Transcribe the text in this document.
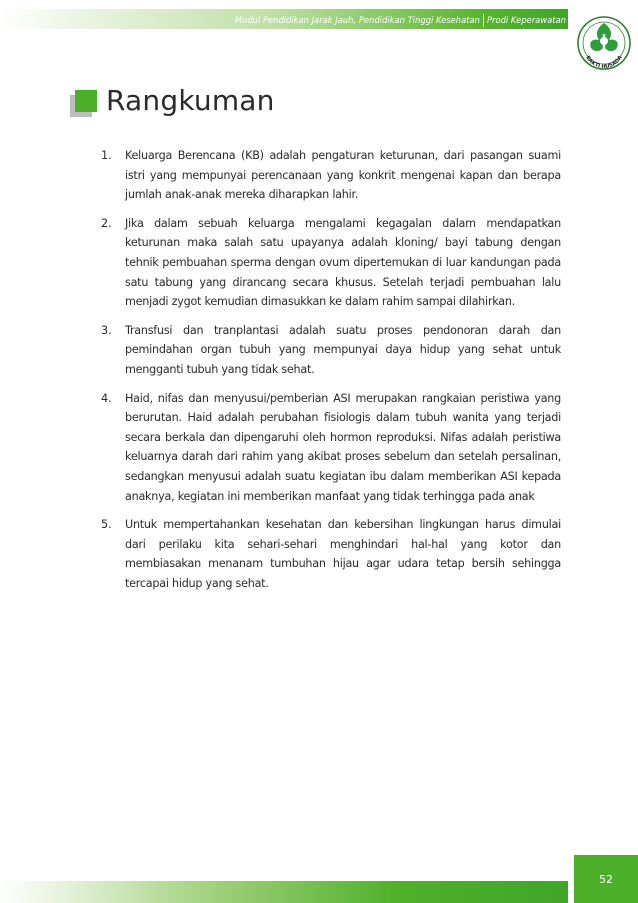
Modul Pendidikan Jarak Jauh, Pendidikan Tinggi Kesehatan Prodi Keperawatan
BAKTI HUSADA
Rangkuman
1.	Keluarga Berencana (KB) adalah pengaturan keturunan, dari pasangan suami istri yang mempunyai perencanaan yang konkrit mengenai kapan dan berapa jumlah anak-anak mereka diharapkan lahir.
2.	Jika dalam sebuah keluarga mengalami kegagalan dalam mendapatkan keturunan maka salah satu upayanya adalah kloning/ bayi tabung dengan tehnik pembuahan sperma dengan ovum dipertemukan di luar kandungan pada satu tabung yang dirancang secara khusus. Setelah terjadi pembuahan lalu menjadi zygot kemudian dimasukkan ke dalam rahim sampai dilahirkan.
3.	Transfusi dan tranplantasi adalah suatu proses pendonoran darah dan pemindahan organ tubuh yang mempunyai daya hidup yang sehat untuk mengganti tubuh yang tidak sehat.
4.	Haid, nifas dan menyusui/pemberian ASI merupakan rangkaian peristiwa yang berurutan. Haid adalah perubahan fisiologis dalam tubuh wanita yang terjadi secara berkala dan dipengaruhi oleh hormon reproduksi. Nifas adalah peristiwa keluarnya darah dari rahim yang akibat proses sebelum dan setelah persalinan, sedangkan menyusui adalah suatu kegiatan ibu dalam memberikan ASI kepada anaknya, kegiatan ini memberikan manfaat yang tidak terhingga pada anak
5.	Untuk mempertahankan kesehatan dan kebersihan lingkungan harus dimulai dari perilaku kita sehari-sehari menghindari hal-hal yang kotor dan membiasakan menanam tumbuhan hijau agar udara tetap bersih sehingga tercapai hidup yang sehat.
52
